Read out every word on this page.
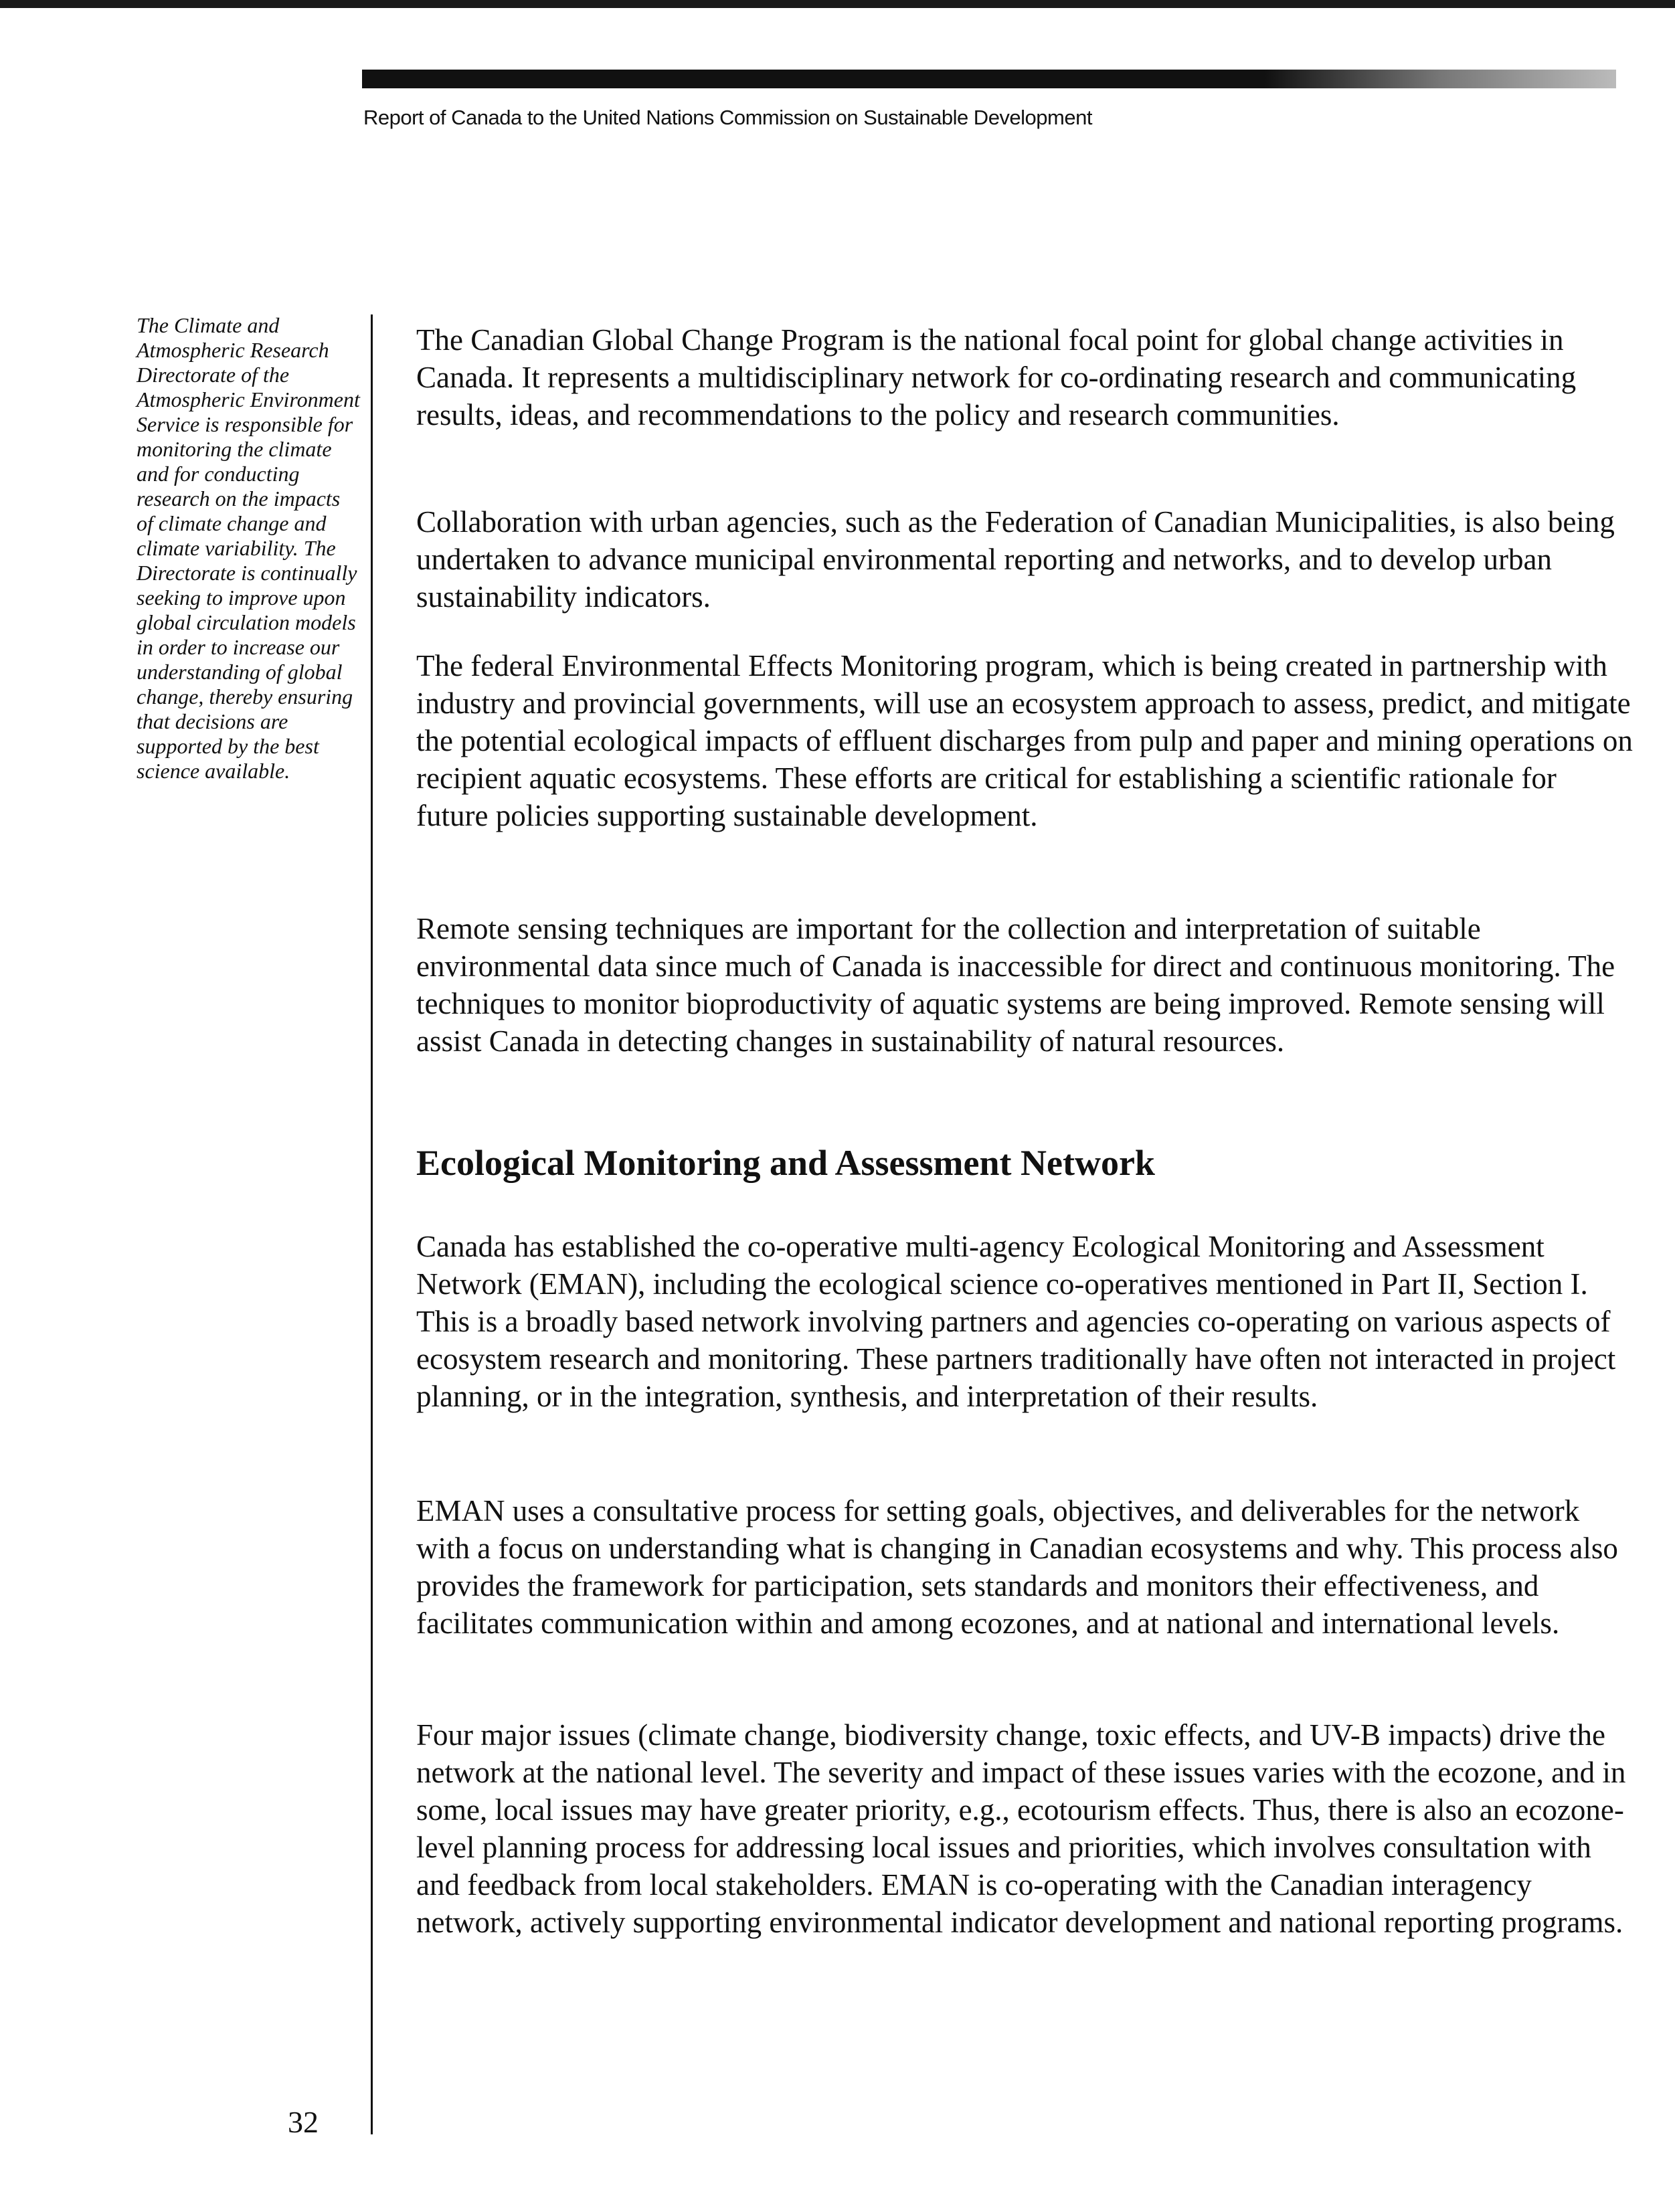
Report of Canada to the United Nations Commission on Sustainable Development
The Climate and Atmospheric Research Directorate of the Atmospheric Environment Service is responsible for monitoring the climate and for conducting research on the impacts of climate change and climate variability. The Directorate is continually seeking to improve upon global circulation models in order to increase our understanding of global change, thereby ensuring that decisions are supported by the best science available.

The Canadian Global Change Program is the national focal point for global change activities in Canada. It represents a multidisciplinary network for co-ordinating research and communicating results, ideas, and recommendations to the policy and research communities.

Collaboration with urban agencies, such as the Federation of Canadian Municipalities, is also being undertaken to advance municipal environmental reporting and networks, and to develop urban sustainability indicators.

The federal Environmental Effects Monitoring program, which is being created in partnership with industry and provincial governments, will use an ecosystem approach to assess, predict, and mitigate the potential ecological impacts of effluent discharges from pulp and paper and mining operations on recipient aquatic ecosystems. These efforts are critical for establishing a scientific rationale for future policies supporting sustainable development.

Remote sensing techniques are important for the collection and interpretation of suitable environmental data since much of Canada is inaccessible for direct and continuous monitoring. The techniques to monitor bioproductivity of aquatic systems are being improved. Remote sensing will assist Canada in detecting changes in sustainability of natural resources.

Ecological Monitoring and Assessment Network

Canada has established the co-operative multi-agency Ecological Monitoring and Assessment Network (EMAN), including the ecological science co-operatives mentioned in Part II, Section I. This is a broadly based network involving partners and agencies co-operating on various aspects of ecosystem research and monitoring. These partners traditionally have often not interacted in project planning, or in the integration, synthesis, and interpretation of their results.

EMAN uses a consultative process for setting goals, objectives, and deliverables for the network with a focus on understanding what is changing in Canadian ecosystems and why. This process also provides the framework for participation, sets standards and monitors their effectiveness, and facilitates communication within and among ecozones, and at national and international levels.

Four major issues (climate change, biodiversity change, toxic effects, and UV-B impacts) drive the network at the national level. The severity and impact of these issues varies with the ecozone, and in some, local issues may have greater priority, e.g., ecotourism effects. Thus, there is also an ecozone-level planning process for addressing local issues and priorities, which involves consultation with and feedback from local stakeholders. EMAN is co-operating with the Canadian interagency network, actively supporting environmental indicator development and national reporting programs.

32
